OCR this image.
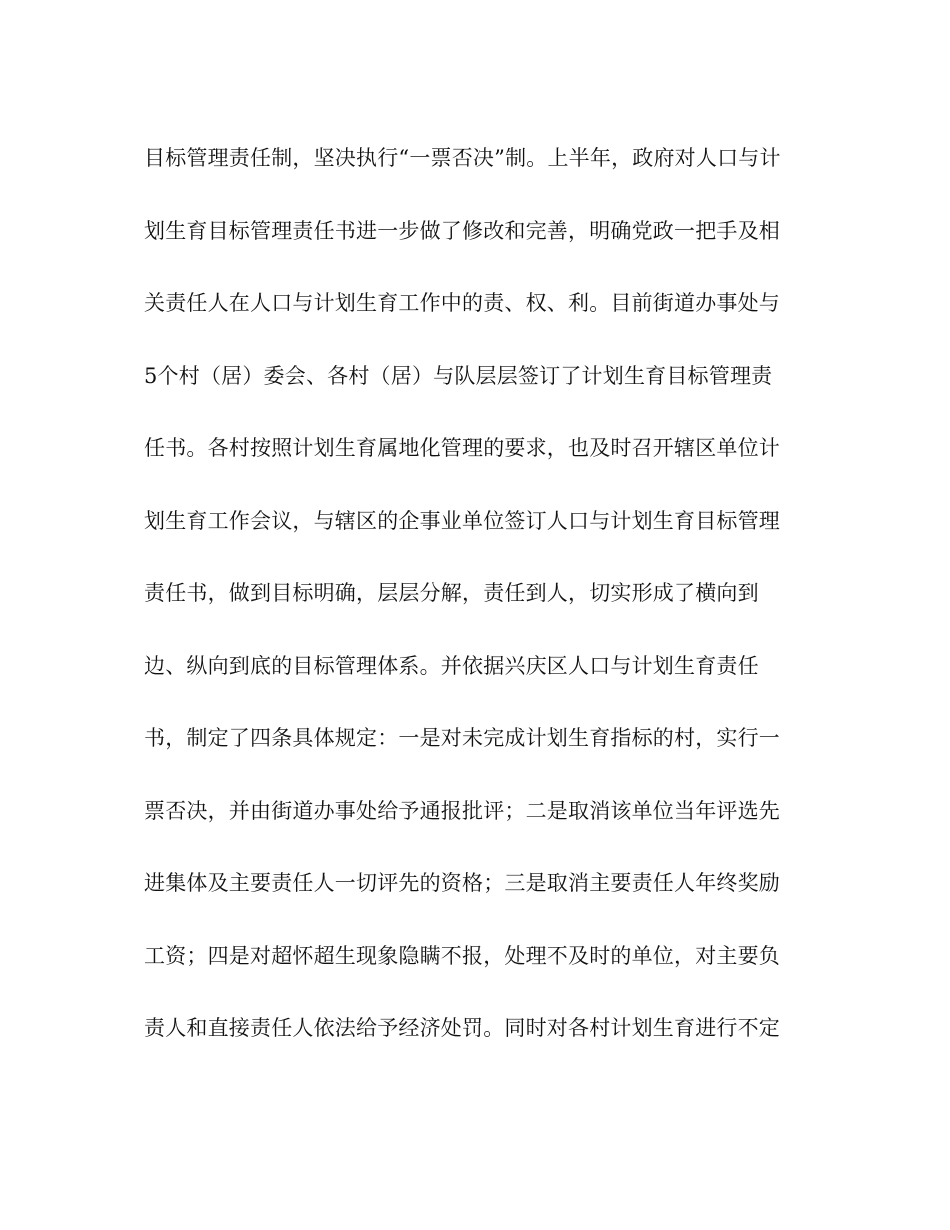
目标管理责任制，坚决执行“一票否决”制。上半年，政府对人口与计
划生育目标管理责任书进一步做了修改和完善，明确党政一把手及相
关责任人在人口与计划生育工作中的责、权、利。目前街道办事处与
5个村（居）委会、各村（居）与队层层签订了计划生育目标管理责
任书。各村按照计划生育属地化管理的要求，也及时召开辖区单位计
划生育工作会议，与辖区的企事业单位签订人口与计划生育目标管理
责任书，做到目标明确，层层分解，责任到人，切实形成了横向到
边、纵向到底的目标管理体系。并依据兴庆区人口与计划生育责任
书，制定了四条具体规定：一是对未完成计划生育指标的村，实行一
票否决，并由街道办事处给予通报批评；二是取消该单位当年评选先
进集体及主要责任人一切评先的资格；三是取消主要责任人年终奖励
工资；四是对超怀超生现象隐瞒不报，处理不及时的单位，对主要负
责人和直接责任人依法给予经济处罚。同时对各村计划生育进行不定
